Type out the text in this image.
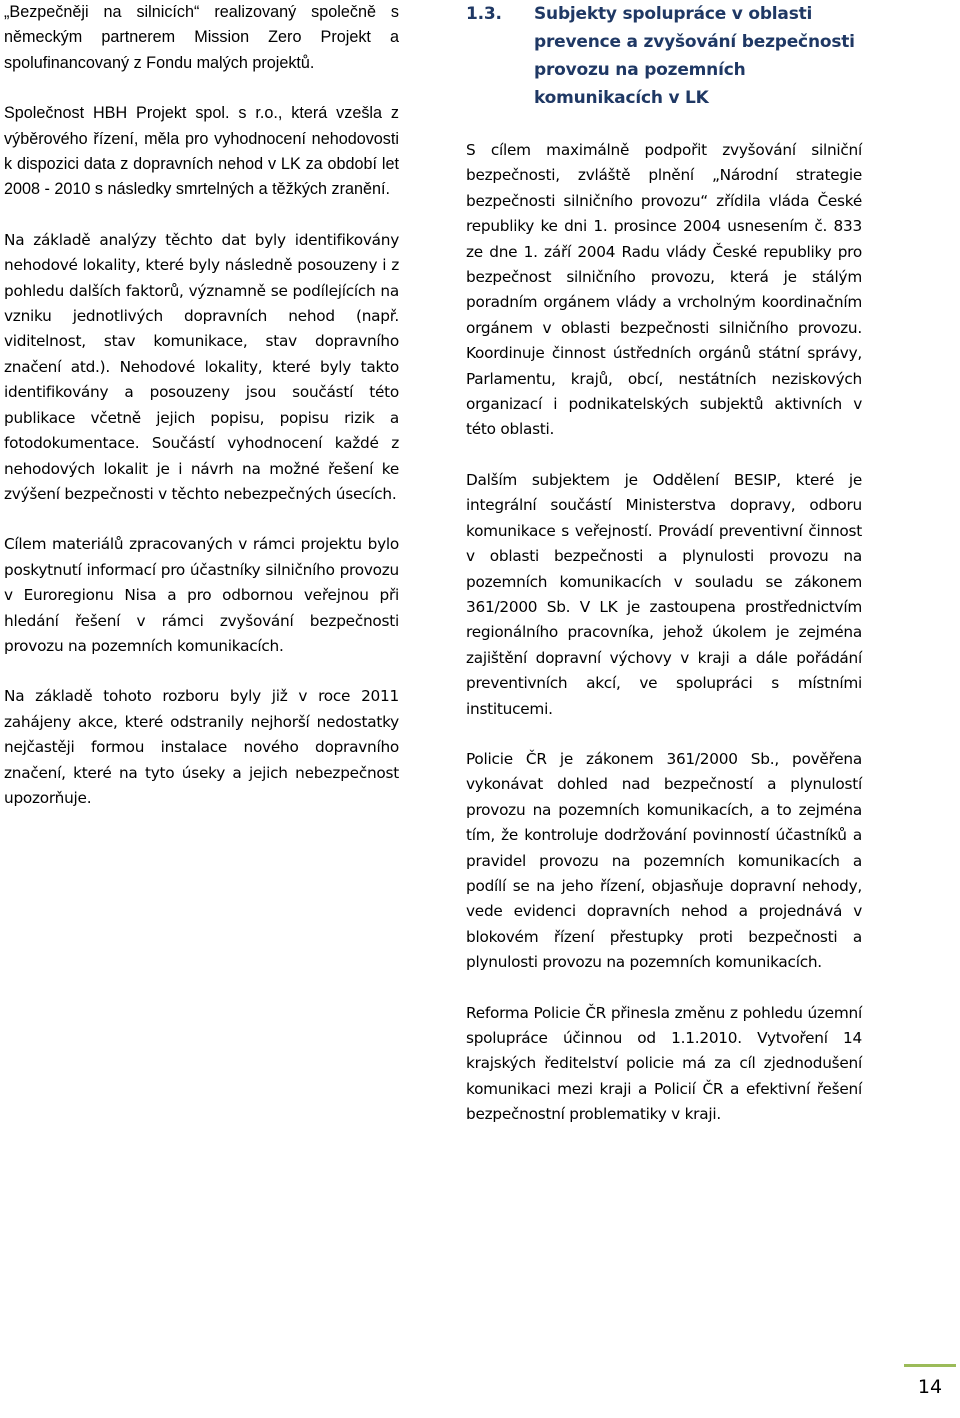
„Bezpečněji na silnicích“ realizovaný společně s německým partnerem Mission Zero Projekt a spolufinancovaný z Fondu malých projektů.

Společnost HBH Projekt spol. s r.o., která vzešla z výběrového řízení, měla pro vyhodnocení nehodovosti k dispozici data z dopravních nehod v LK za období let 2008 - 2010 s následky smrtelných a těžkých zranění.

Na základě analýzy těchto dat byly identifikovány nehodové lokality, které byly následně posouzeny i z pohledu dalších faktorů, významně se podílejících na vzniku jednotlivých dopravních nehod (např. viditelnost, stav komunikace, stav dopravního značení atd.). Nehodové lokality, které byly takto identifikovány a posouzeny jsou součástí této publikace včetně jejich popisu, popisu rizik a fotodokumentace. Součástí vyhodnocení každé z nehodových lokalit je i návrh na možné řešení ke zvýšení bezpečnosti v těchto nebezpečných úsecích.

Cílem materiálů zpracovaných v rámci projektu bylo poskytnutí informací pro účastníky silničního provozu v Euroregionu Nisa a pro odbornou veřejnou při hledání řešení v rámci zvyšování bezpečnosti provozu na pozemních komunikacích.

Na základě tohoto rozboru byly již v roce 2011 zahájeny akce, které odstranily nejhorší nedostatky nejčastěji formou instalace nového dopravního značení, které na tyto úseky a jejich nebezpečnost upozorňuje.

1.3. Subjekty spolupráce v oblasti prevence a zvyšování bezpečnosti provozu na pozemních komunikacích v LK

S cílem maximálně podpořit zvyšování silniční bezpečnosti, zvláště plnění „Národní strategie bezpečnosti silničního provozu“ zřídila vláda České republiky ke dni 1. prosince 2004 usnesením č. 833 ze dne 1. září 2004 Radu vlády České republiky pro bezpečnost silničního provozu, která je stálým poradním orgánem vlády a vrcholným koordinačním orgánem v oblasti bezpečnosti silničního provozu. Koordinuje činnost ústředních orgánů státní správy, Parlamentu, krajů, obcí, nestátních neziskových organizací i podnikatelských subjektů aktivních v této oblasti.

Dalším subjektem je Oddělení BESIP, které je integrální součástí Ministerstva dopravy, odboru komunikace s veřejností. Provádí preventivní činnost v oblasti bezpečnosti a plynulosti provozu na pozemních komunikacích v souladu se zákonem 361/2000 Sb. V LK je zastoupena prostřednictvím regionálního pracovníka, jehož úkolem je zejména zajištění dopravní výchovy v kraji a dále pořádání preventivních akcí, ve spolupráci s místními institucemi.

Policie ČR je zákonem 361/2000 Sb., pověřena vykonávat dohled nad bezpečností a plynulostí provozu na pozemních komunikacích, a to zejména tím, že kontroluje dodržování povinností účastníků a pravidel provozu na pozemních komunikacích a podílí se na jeho řízení, objasňuje dopravní nehody, vede evidenci dopravních nehod a projednává v blokovém řízení přestupky proti bezpečnosti a plynulosti provozu na pozemních komunikacích.

Reforma Policie ČR přinesla změnu z pohledu územní spolupráce účinnou od 1.1.2010. Vytvoření 14 krajských ředitelství policie má za cíl zjednodušení komunikaci mezi kraji a Policií ČR a efektivní řešení bezpečnostní problematiky v kraji.

14
